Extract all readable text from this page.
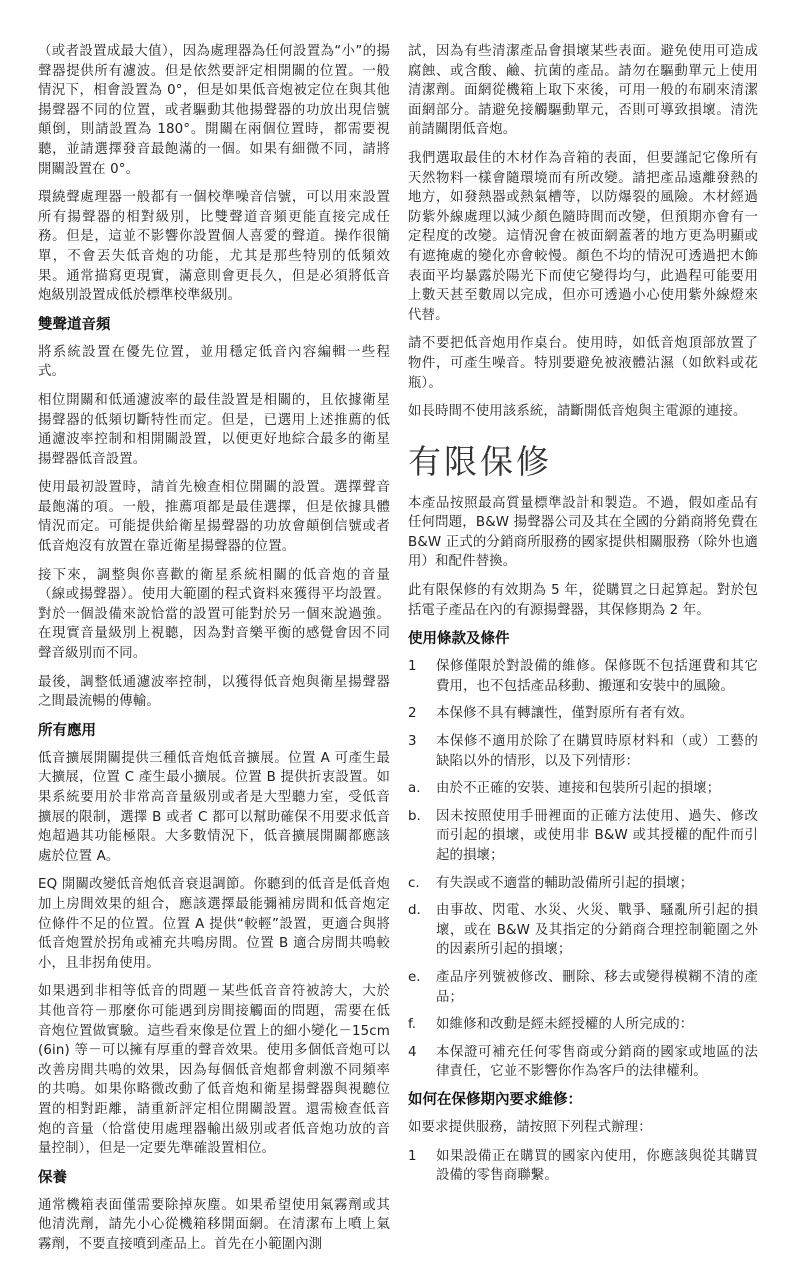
（或者設置成最大值），因為處理器為任何設置為“小”的揚聲器提供所有濾波。但是依然要評定相開關的位置。一般情況下，相會設置為 0°，但是如果低音炮被定位在與其他揚聲器不同的位置，或者驅動其他揚聲器的功放出現信號顛倒，則請設置為 180°。開關在兩個位置時，都需要視聽，並請選擇發音最飽滿的一個。如果有細微不同，請將開關設置在 0°。

環繞聲處理器一般都有一個校準噪音信號，可以用來設置所有揚聲器的相對級別，比雙聲道音頻更能直接完成任務。但是，這並不影響你設置個人喜愛的聲道。操作很簡單，不會丟失低音炮的功能，尤其是那些特別的低頻效果。通常描寫更現實，滿意則會更長久，但是必須將低音炮級別設置成低於標準校準級別。

雙聲道音頻

將系統設置在優先位置，並用穩定低音內容編輯一些程式。

相位開關和低通濾波率的最佳設置是相關的，且依據衛星揚聲器的低頻切斷特性而定。但是，已選用上述推薦的低通濾波率控制和相開關設置，以便更好地綜合最多的衛星揚聲器低音設置。

使用最初設置時，請首先檢查相位開關的設置。選擇聲音最飽滿的項。一般，推薦項都是最佳選擇，但是依據具體情況而定。可能提供給衛星揚聲器的功放會顛倒信號或者低音炮沒有放置在靠近衛星揚聲器的位置。

接下來，調整與你喜歡的衛星系統相關的低音炮的音量（線或揚聲器）。使用大範圍的程式資料來獲得平均設置。對於一個設備來說恰當的設置可能對於另一個來說過強。在現實音量級別上視聽，因為對音樂平衡的感覺會因不同聲音級別而不同。

最後，調整低通濾波率控制，以獲得低音炮與衛星揚聲器之間最流暢的傳輸。

所有應用

低音擴展開關提供三種低音炮低音擴展。位置 A 可產生最大擴展，位置 C 產生最小擴展。位置 B 提供折衷設置。如果系統要用於非常高音量級別或者是大型聽力室，受低音擴展的限制，選擇 B 或者 C 都可以幫助確保不用要求低音炮超過其功能極限。大多數情況下，低音擴展開關都應該處於位置 A。

EQ 開關改變低音炮低音衰退調節。你聽到的低音是低音炮加上房間效果的組合，應該選擇最能彌補房間和低音炮定位條件不足的位置。位置 A 提供“較輕”設置，更適合與將低音炮置於拐角或補充共鳴房間。位置 B 適合房間共鳴較小，且非拐角使用。

如果遇到非相等低音的問題－某些低音音符被誇大，大於其他音符－那麼你可能遇到房間接觸面的問題，需要在低音炮位置做實驗。這些看來像是位置上的細小變化－15cm (6in) 等－可以擁有厚重的聲音效果。使用多個低音炮可以改善房間共鳴的效果，因為每個低音炮都會刺激不同頻率的共鳴。如果你略微改動了低音炮和衛星揚聲器與視聽位置的相對距離，請重新評定相位開關設置。還需檢查低音炮的音量（恰當使用處理器輸出級別或者低音炮功放的音量控制），但是一定要先準確設置相位。

保養

通常機箱表面僅需要除掉灰塵。如果希望使用氣霧劑或其他清洗劑，請先小心從機箱移開面網。在清潔布上噴上氣霧劑，不要直接噴到產品上。首先在小範圍內測

試，因為有些清潔產品會損壞某些表面。避免使用可造成腐蝕、或含酸、鹼、抗菌的產品。請勿在驅動單元上使用清潔劑。面網從機箱上取下來後，可用一般的布刷來清潔面網部分。請避免接觸驅動單元，否則可導致損壞。清洗前請關閉低音炮。

我們選取最佳的木材作為音箱的表面，但要謹記它像所有天然物料一樣會隨環境而有所改變。請把產品遠離發熱的地方，如發熱器或熱氣槽等，以防爆裂的風險。木材經過防紫外線處理以減少顏色隨時間而改變，但預期亦會有一定程度的改變。這情況會在被面網蓋著的地方更為明顯或有遮掩處的變化亦會較慢。顏色不均的情況可透過把木飾表面平均暴露於陽光下而使它變得均勻，此過程可能要用上數天甚至數周以完成，但亦可透過小心使用紫外線燈來代替。

請不要把低音炮用作桌台。使用時，如低音炮頂部放置了物件，可產生噪音。特別要避免被液體沾濕（如飲料或花瓶）。

如長時間不使用該系統，請斷開低音炮與主電源的連接。

有限保修

本產品按照最高質量標準設計和製造。不過，假如產品有任何問題，B&W 揚聲器公司及其在全國的分銷商將免費在 B&W 正式的分銷商所服務的國家提供相關服務（除外也適用）和配件替換。

此有限保修的有效期為 5 年，從購買之日起算起。對於包括電子產品在內的有源揚聲器，其保修期為 2 年。

使用條款及條件
1	保修僅限於對設備的維修。保修既不包括運費和其它費用，也不包括產品移動、搬運和安裝中的風險。
2	本保修不具有轉讓性，僅對原所有者有效。
3	本保修不適用於除了在購買時原材料和（或）工藝的缺陷以外的情形，以及下列情形：
a.	由於不正確的安裝、連接和包裝所引起的損壞；
b.	因未按照使用手冊裡面的正確方法使用、過失、修改而引起的損壞，或使用非 B&W 或其授權的配件而引起的損壞；
c.	有失誤或不適當的輔助設備所引起的損壞；
d.	由事故、閃電、水災、火災、戰爭、騷亂所引起的損壞，或在 B&W 及其指定的分銷商合理控制範圍之外的因素所引起的損壞；
e.	產品序列號被修改、刪除、移去或變得模糊不清的產品；
f.	如維修和改動是經未經授權的人所完成的：
4	本保證可補充任何零售商或分銷商的國家或地區的法律責任，它並不影響你作為客戶的法律權利。
如何在保修期內要求維修：

如要求提供服務，請按照下列程式辦理：

1	如果設備正在購買的國家內使用，你應該與從其購買設備的零售商聯繫。
